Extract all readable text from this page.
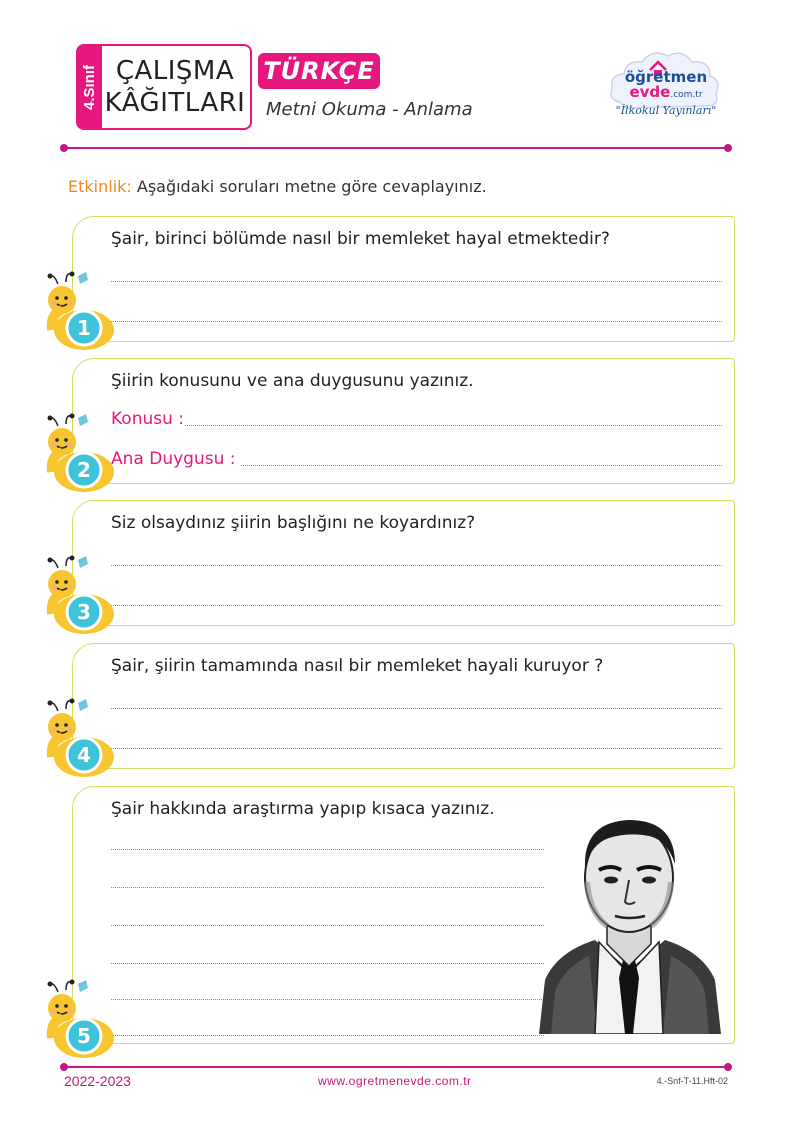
4.Sınıf ÇALIŞMA
KÂĞITLARI
TÜRKÇE
Metni Okuma - Anlama
öğretmen
evde.com.tr
"İlkokul Yayınları"
Etkinlik: Aşağıdaki soruları metne göre cevaplayınız.
Şair, birinci bölümde nasıl bir memleket hayal etmektedir?
Şiirin konusunu ve ana duygusunu yazınız.
Konusu :
Ana Duygusu :
Siz olsaydınız şiirin başlığını ne koyardınız?
Şair, şiirin tamamında nasıl bir memleket hayali kuruyor ?
Şair hakkında araştırma yapıp kısaca yazınız.
1
2
3
4
5
2022-2023	www.ogretmenevde.com.tr	4.-Snf-T-11.Hft-02
